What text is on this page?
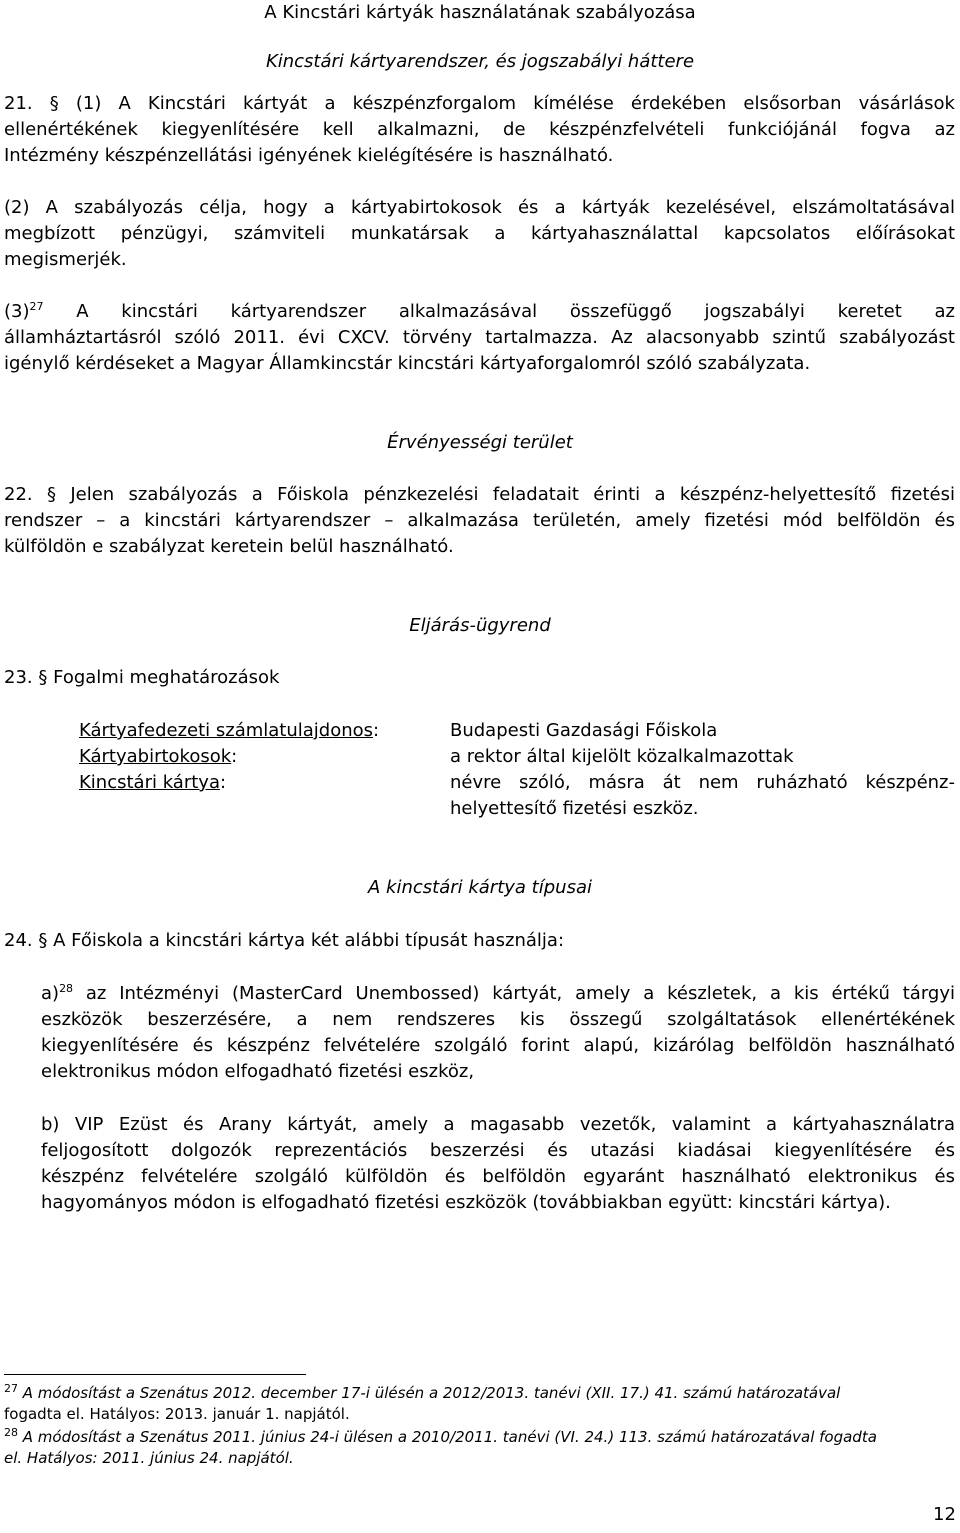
A Kincstári kártyák használatának szabályozása
Kincstári kártyarendszer, és jogszabályi háttere
21. § (1) A Kincstári kártyát a készpénzforgalom kímélése érdekében elsősorban vásárlások
ellenértékének kiegyenlítésére kell alkalmazni, de készpénzfelvételi funkciójánál fogva az
Intézmény készpénzellátási igényének kielégítésére is használható.
(2) A szabályozás célja, hogy a kártyabirtokosok és a kártyák kezelésével, elszámoltatásával
megbízott pénzügyi, számviteli munkatársak a kártyahasználattal kapcsolatos előírásokat
megismerjék.
$(3)^{27}$ A kincstári kártyarendszer alkalmazásával összefüggő jogszabályi keretet az
államháztartásról szóló 2011. évi CXCV. törvény tartalmazza. Az alacsonyabb szintű szabályozást
igénylő kérdéseket a Magyar Államkincstár kincstári kártyaforgalomról szóló szabályzata.
Érvényességi terület
22. § Jelen szabályozás a Főiskola pénzkezelési feladatait érinti a készpénz-helyettesítő fizetési
rendszer – a kincstári kártyarendszer – alkalmazása területén, amely fizetési mód belföldön és
külföldön e szabályzat keretein belül használható.
Eljárás-ügyrend
23. § Fogalmi meghatározások
Kártyafedezeti számlatulajdonos:	Budapesti Gazdasági Főiskola
Kártyabirtokosok:	a rektor által kijelölt közalkalmazottak
Kincstári kártya:	névre szóló, másra át nem ruházható készpénz-
helyettesítő fizetési eszköz.
A kincstári kártya típusai
24. § A Főiskola a kincstári kártya két alábbi típusát használja:
a)$^{28}$ az Intézményi (MasterCard Unembossed) kártyát, amely a készletek, a kis értékű tárgyi
eszközök beszerzésére, a nem rendszeres kis összegű szolgáltatások ellenértékének
kiegyenlítésére és készpénz felvételére szolgáló forint alapú, kizárólag belföldön használható
elektronikus módon elfogadható fizetési eszköz,
b) VIP Ezüst és Arany kártyát, amely a magasabb vezetők, valamint a kártyahasználatra
feljogosított dolgozók reprezentációs beszerzési és utazási kiadásai kiegyenlítésére és
készpénz felvételére szolgáló külföldön és belföldön egyaránt használható elektronikus és
hagyományos módon is elfogadható fizetési eszközök (továbbiakban együtt: kincstári kártya).
$^{27}$ A módosítást a Szenátus 2012. december 17-i ülésén a 2012/2013. tanévi (XII. 17.) 41. számú határozatával
fogadta el. Hatályos: 2013. január 1. napjától.
$^{28}$ A módosítást a Szenátus 2011. június 24-i ülésen a 2010/2011. tanévi (VI. 24.) 113. számú határozatával fogadta
el. Hatályos: 2011. június 24. napjától.
12
